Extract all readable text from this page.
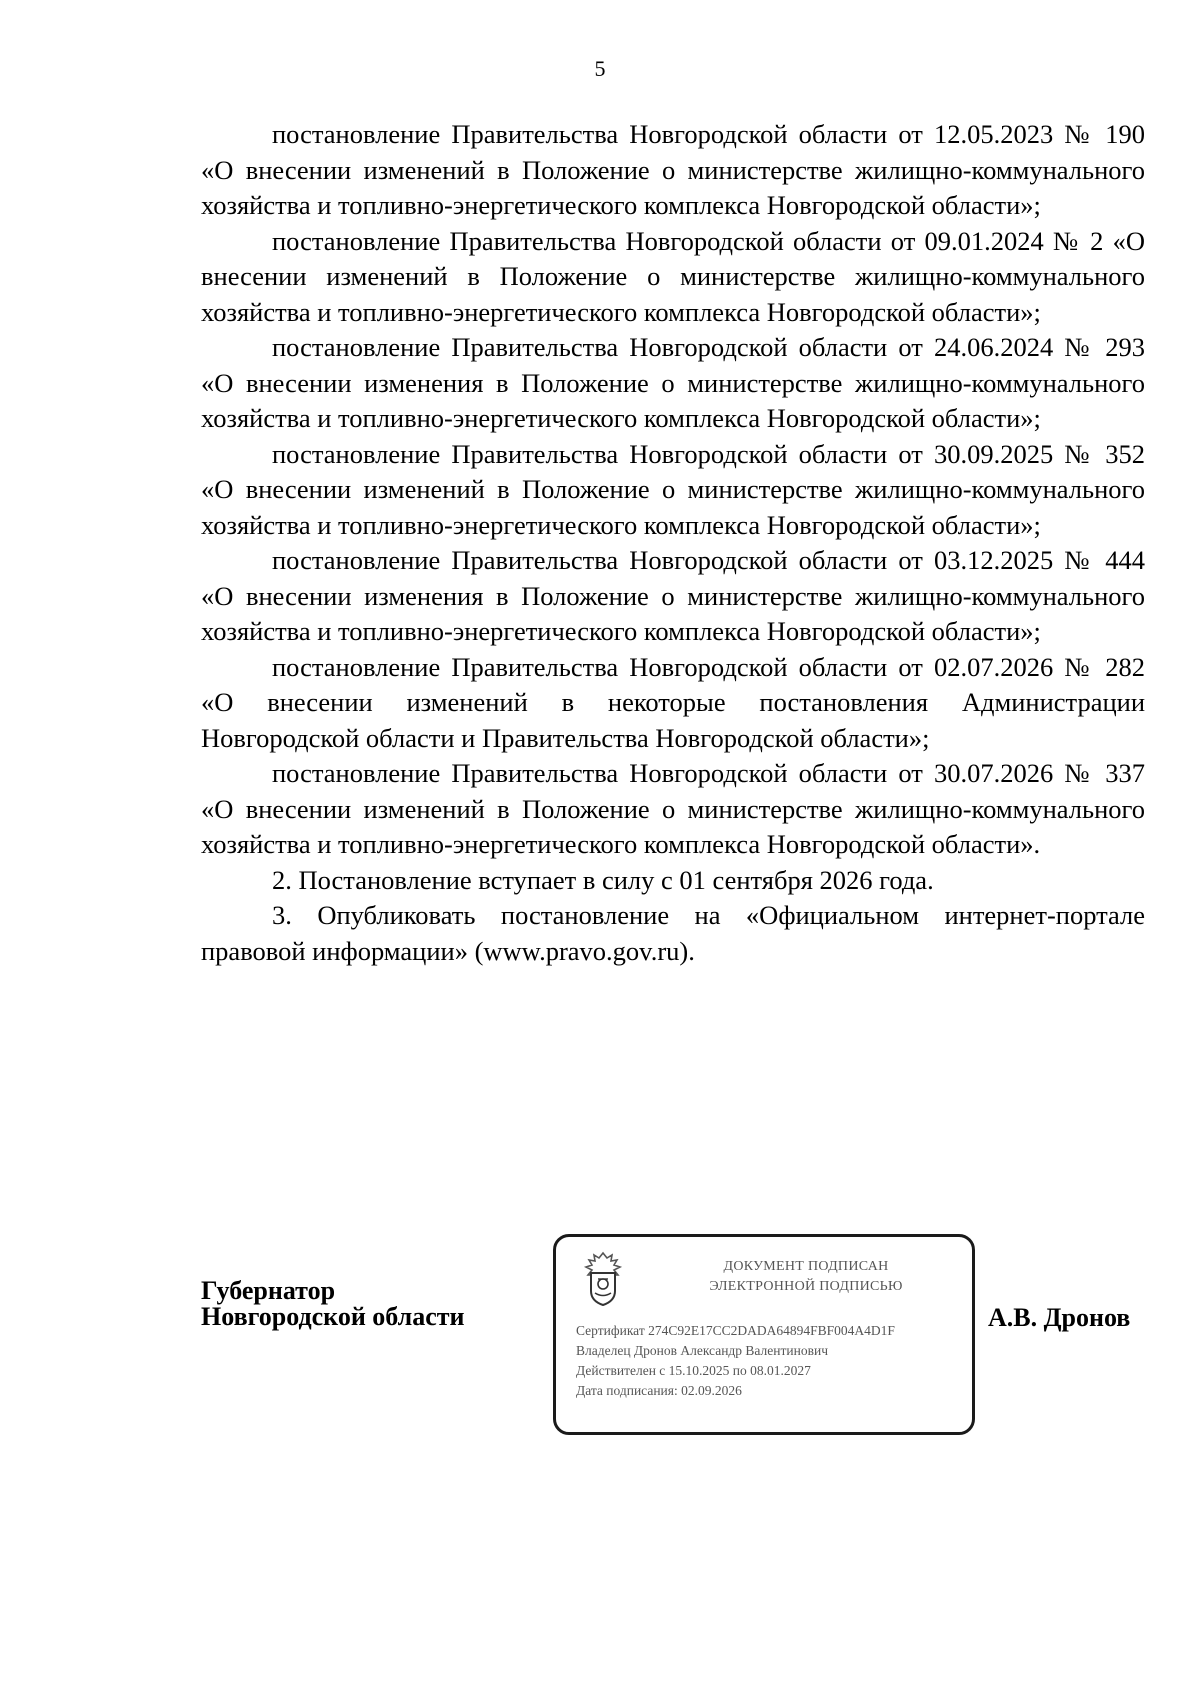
5

постановление Правительства Новгородской области от 12.05.2023 № 190 «О внесении изменений в Положение о министерстве жилищно-коммунального хозяйства и топливно-энергетического комплекса Новгородской области»;

постановление Правительства Новгородской области от 09.01.2024 № 2 «О внесении изменений в Положение о министерстве жилищно-коммунального хозяйства и топливно-энергетического комплекса Новгородской области»;

постановление Правительства Новгородской области от 24.06.2024 № 293 «О внесении изменения в Положение о министерстве жилищно-коммунального хозяйства и топливно-энергетического комплекса Новгородской области»;

постановление Правительства Новгородской области от 30.09.2025 № 352 «О внесении изменений в Положение о министерстве жилищно-коммунального хозяйства и топливно-энергетического комплекса Новгородской области»;

постановление Правительства Новгородской области от 03.12.2025 № 444 «О внесении изменения в Положение о министерстве жилищно-коммунального хозяйства и топливно-энергетического комплекса Новгородской области»;

постановление Правительства Новгородской области от 02.07.2026 № 282 «О внесении изменений в некоторые постановления Администрации Новгородской области и Правительства Новгородской области»;

постановление Правительства Новгородской области от 30.07.2026 № 337 «О внесении изменений в Положение о министерстве жилищно-коммунального хозяйства и топливно-энергетического комплекса Новгородской области».

2. Постановление вступает в силу с 01 сентября 2026 года.

3. Опубликовать постановление на «Официальном интернет-портале правовой информации» (www.pravo.gov.ru).

Губернатор
Новгородской области
ДОКУМЕНТ ПОДПИСАН
ЭЛЕКТРОННОЙ ПОДПИСЬЮ
Сертификат 274C92E17CC2DADA64894FBF004A4D1F
Владелец Дронов Александр Валентинович
Действителен с 15.10.2025 по 08.01.2027
Дата подписания: 02.09.2026
А.В. Дронов
